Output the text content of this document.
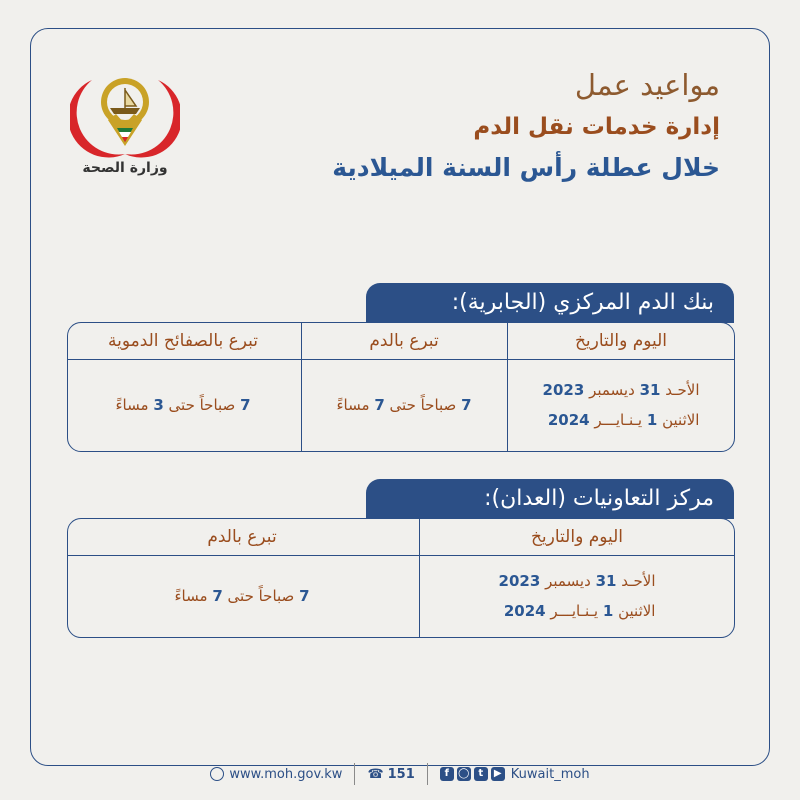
وزارة الصحة
مواعيد عمل
إدارة خدمات نقل الدم
خلال عطلة رأس السنة الميلادية
بنك الدم المركزي (الجابرية):
اليوم والتاريخ
تبرع بالدم
تبرع بالصفائح الدموية
الأحـد 31 ديسمبر 2023
الاثنين 1 يـنـايـــر 2024
7 صباحاً حتى 7 مساءً
7 صباحاً حتى 3 مساءً
مركز التعاونيات (العدان):
اليوم والتاريخ
تبرع بالدم
الأحـد 31 ديسمبر 2023
الاثنين 1 يـنـايـــر 2024
7 صباحاً حتى 7 مساءً
www.moh.gov.kw ☎ 151	f ◯ t	▶ Kuwait_moh
